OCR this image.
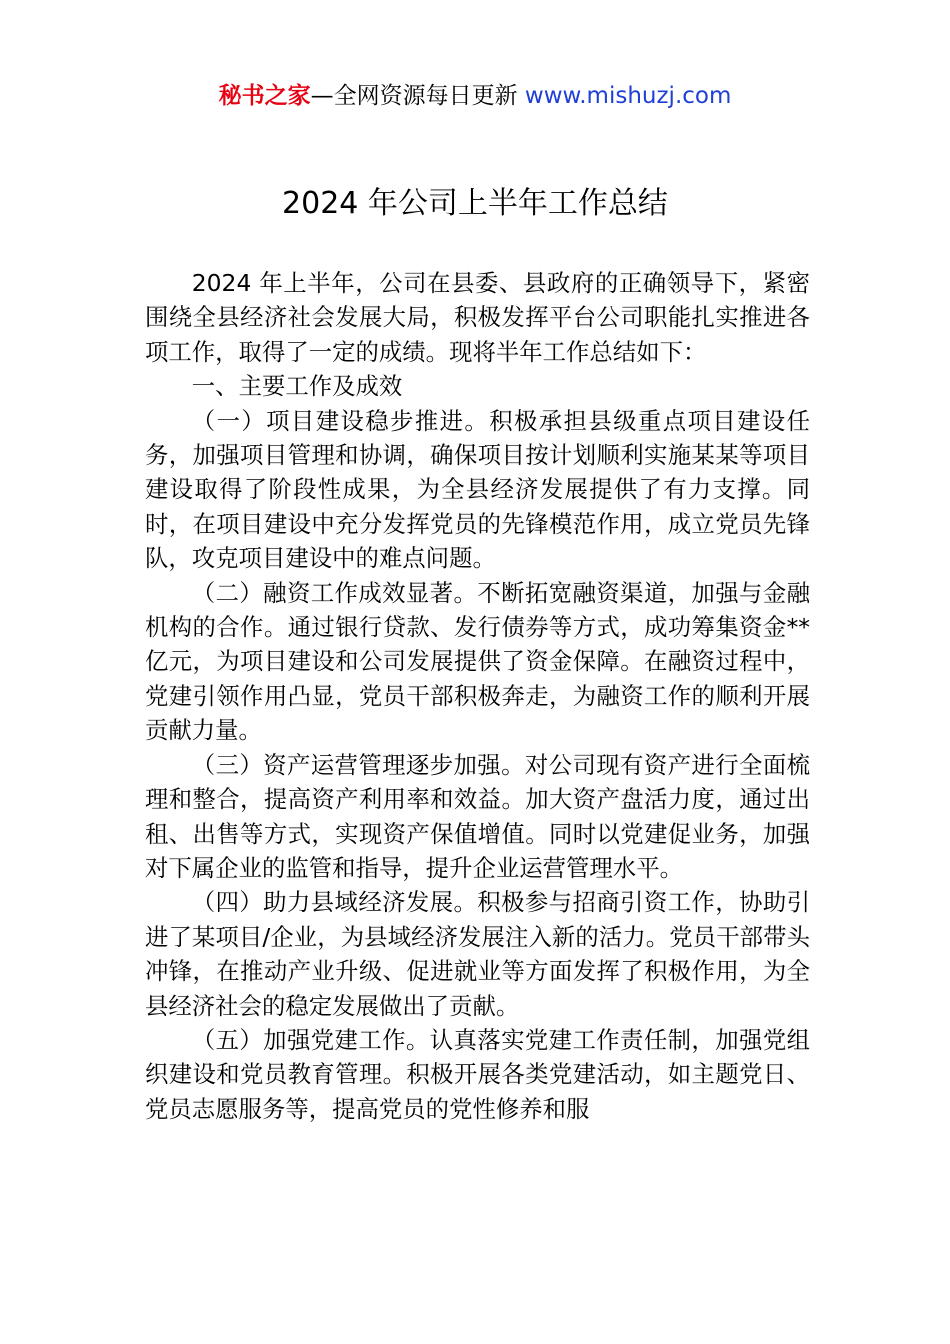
秘书之家—全网资源每日更新 www.mishuzj.com
2024 年公司上半年工作总结

2024 年上半年，公司在县委、县政府的正确领导下，紧密围绕全县经济社会发展大局，积极发挥平台公司职能扎实推进各项工作，取得了一定的成绩。现将半年工作总结如下：

一、主要工作及成效

（一）项目建设稳步推进。积极承担县级重点项目建设任务，加强项目管理和协调，确保项目按计划顺利实施某某等项目建设取得了阶段性成果，为全县经济发展提供了有力支撑。同时，在项目建设中充分发挥党员的先锋模范作用，成立党员先锋队，攻克项目建设中的难点问题。

（二）融资工作成效显著。不断拓宽融资渠道，加强与金融机构的合作。通过银行贷款、发行债券等方式，成功筹集资金**亿元，为项目建设和公司发展提供了资金保障。在融资过程中，党建引领作用凸显，党员干部积极奔走，为融资工作的顺利开展贡献力量。

（三）资产运营管理逐步加强。对公司现有资产进行全面梳理和整合，提高资产利用率和效益。加大资产盘活力度，通过出租、出售等方式，实现资产保值增值。同时以党建促业务，加强对下属企业的监管和指导，提升企业运营管理水平。

（四）助力县域经济发展。积极参与招商引资工作，协助引进了某项目/企业，为县域经济发展注入新的活力。党员干部带头冲锋，在推动产业升级、促进就业等方面发挥了积极作用，为全县经济社会的稳定发展做出了贡献。

（五）加强党建工作。认真落实党建工作责任制，加强党组织建设和党员教育管理。积极开展各类党建活动，如主题党日、党员志愿服务等，提高党员的党性修养和服
